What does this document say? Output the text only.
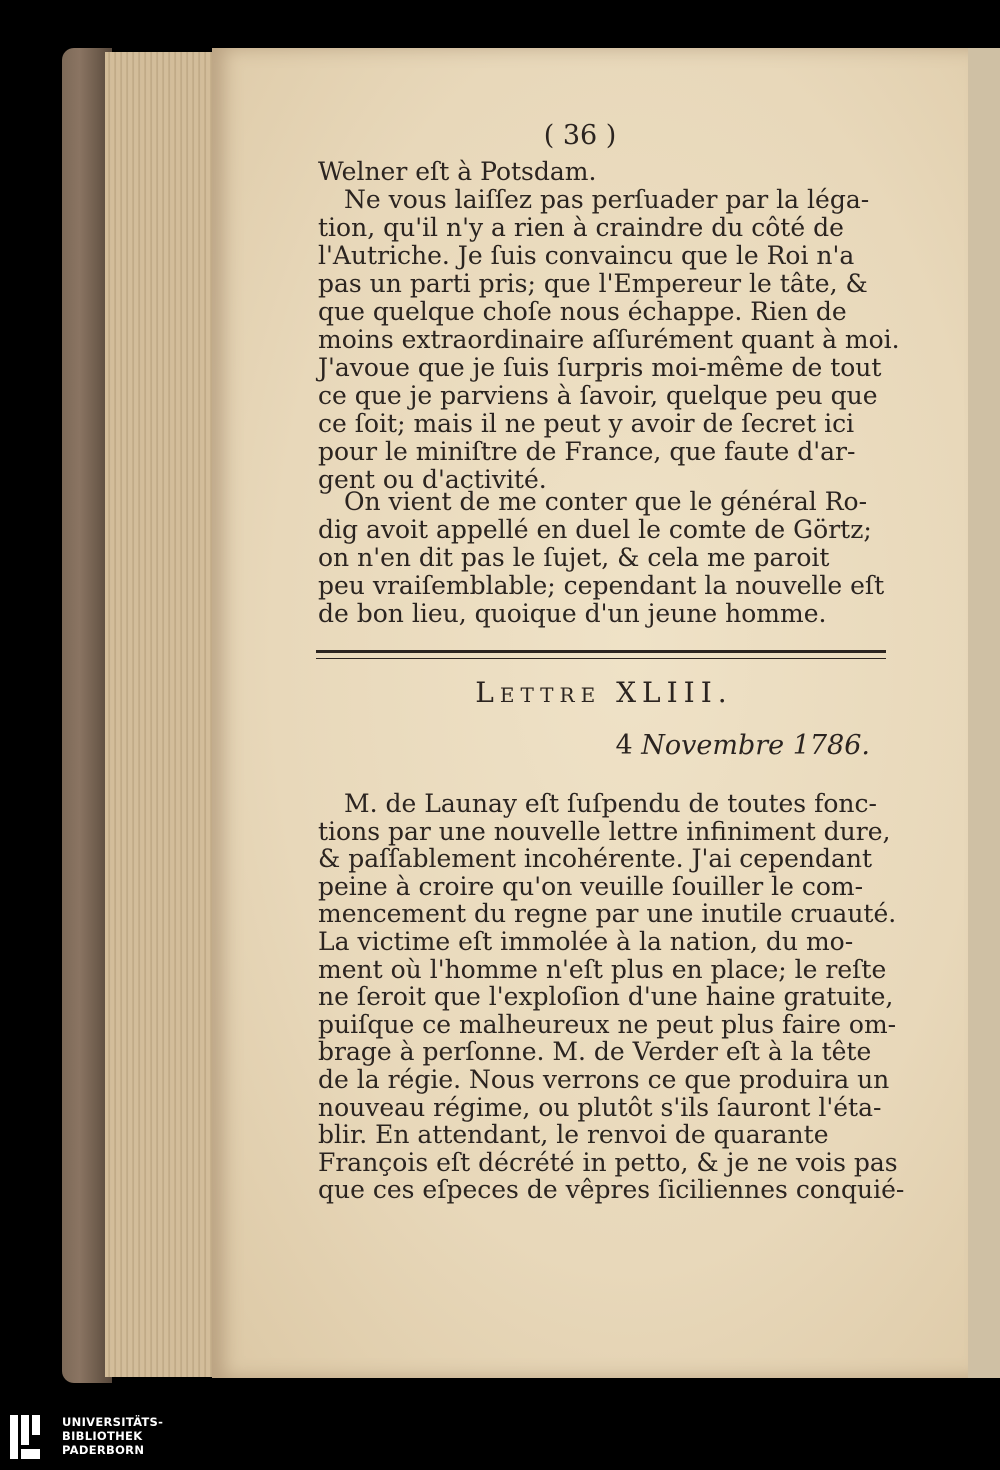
( 36 )
Welner eſt à Potsdam.
Ne vous laiſſez pas perſuader par la léga-
tion, qu'il n'y a rien à craindre du côté de
l'Autriche. Je ſuis convaincu que le Roi n'a
pas un parti pris; que l'Empereur le tâte, &
que quelque choſe nous échappe. Rien de
moins extraordinaire aſſurément quant à moi.
J'avoue que je ſuis ſurpris moi-même de tout
ce que je parviens à ſavoir, quelque peu que
ce ſoit; mais il ne peut y avoir de ſecret ici
pour le miniſtre de France, que faute d'ar-
gent ou d'activité.
On vient de me conter que le général Ro-
dig avoit appellé en duel le comte de Görtz;
on n'en dit pas le ſujet, & cela me paroit
peu vraiſemblable; cependant la nouvelle eſt
de bon lieu, quoique d'un jeune homme.
Lettre XLIII.
4 Novembre 1786.
M. de Launay eſt ſuſpendu de toutes fonc-
tions par une nouvelle lettre infiniment dure,
& paſſablement incohérente. J'ai cependant
peine à croire qu'on veuille ſouiller le com-
mencement du regne par une inutile cruauté.
La victime eſt immolée à la nation, du mo-
ment où l'homme n'eſt plus en place; le reſte
ne ſeroit que l'exploſion d'une haine gratuite,
puiſque ce malheureux ne peut plus faire om-
brage à perſonne. M. de Verder eſt à la tête
de la régie. Nous verrons ce que produira un
nouveau régime, ou plutôt s'ils ſauront l'éta-
blir. En attendant, le renvoi de quarante
François eſt décrété in petto, & je ne vois pas
que ces eſpeces de vêpres ſiciliennes conquié-
UNIVERSITÄTS-
BIBLIOTHEK
PADERBORN
